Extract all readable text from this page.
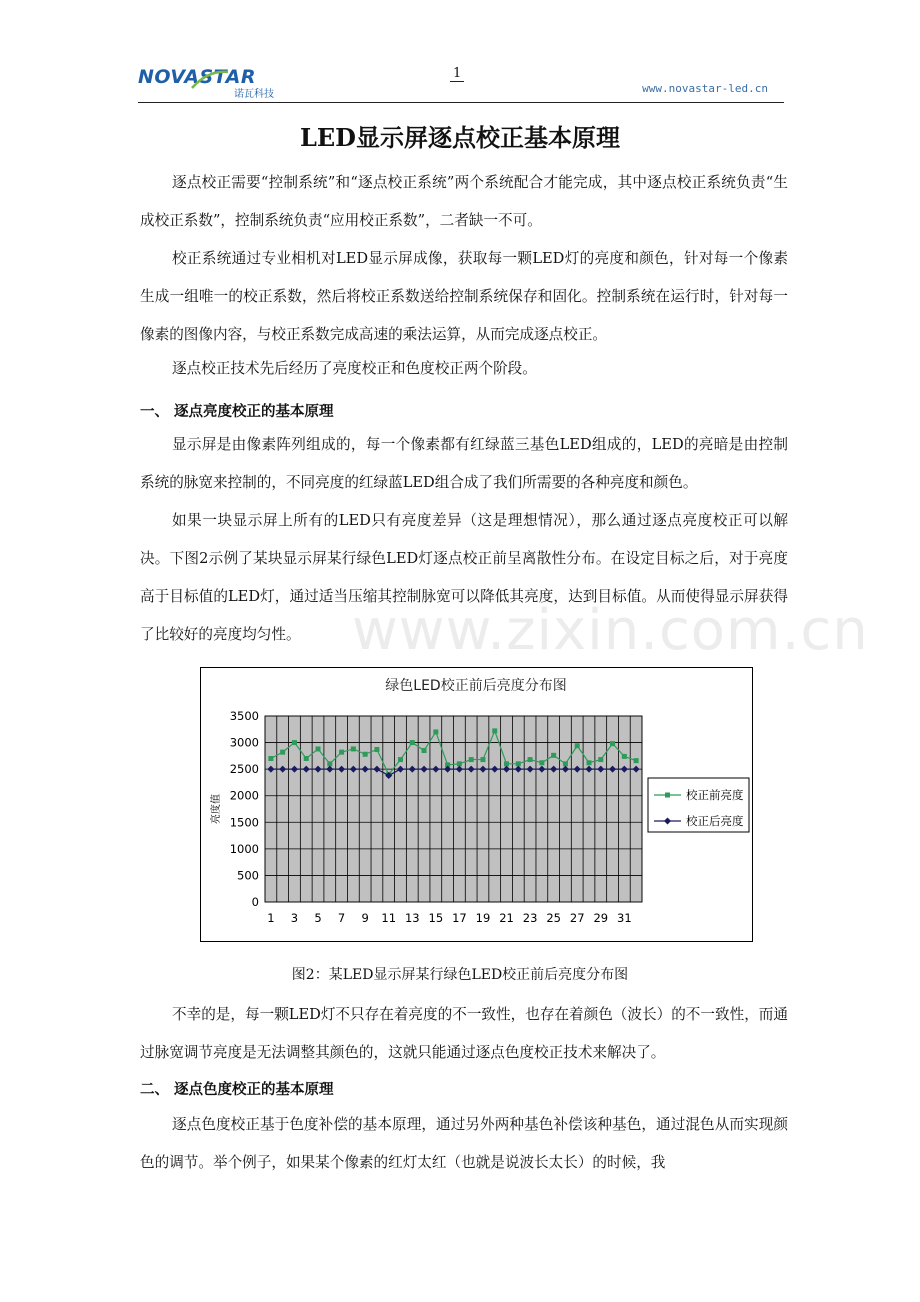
www.zixin.com.cn
NOVASTAR
诺瓦科技
1
www.novastar-led.cn
LED显示屏逐点校正基本原理
逐点校正需要“控制系统”和“逐点校正系统”两个系统配合才能完成，其中逐点校正系统负责“生成校正系数”，控制系统负责“应用校正系数”，二者缺一不可。
校正系统通过专业相机对LED显示屏成像，获取每一颗LED灯的亮度和颜色，针对每一个像素生成一组唯一的校正系数，然后将校正系数送给控制系统保存和固化。控制系统在运行时，针对每一像素的图像内容，与校正系数完成高速的乘法运算，从而完成逐点校正。
逐点校正技术先后经历了亮度校正和色度校正两个阶段。
一、 逐点亮度校正的基本原理
显示屏是由像素阵列组成的，每一个像素都有红绿蓝三基色LED组成的，LED的亮暗是由控制系统的脉宽来控制的，不同亮度的红绿蓝LED组合成了我们所需要的各种亮度和颜色。
如果一块显示屏上所有的LED只有亮度差异（这是理想情况），那么通过逐点亮度校正可以解决。下图2示例了某块显示屏某行绿色LED灯逐点校正前呈离散性分布。在设定目标之后，对于亮度高于目标值的LED灯，通过适当压缩其控制脉宽可以降低其亮度，达到目标值。从而使得显示屏获得了比较好的亮度均匀性。
绿色LED校正前后亮度分布图
0
500
1000
1500
2000
2500
3000
3500
1 3 5 7 9 11 13 15 17 19 21 23 25 27 29 31
亮度值	校正前亮度
校正后亮度
图2：某LED显示屏某行绿色LED校正前后亮度分布图
不幸的是，每一颗LED灯不只存在着亮度的不一致性，也存在着颜色（波长）的不一致性，而通过脉宽调节亮度是无法调整其颜色的，这就只能通过逐点色度校正技术来解决了。
二、 逐点色度校正的基本原理
逐点色度校正基于色度补偿的基本原理，通过另外两种基色补偿该种基色，通过混色从而实现颜色的调节。举个例子，如果某个像素的红灯太红（也就是说波长太长）的时候，我
